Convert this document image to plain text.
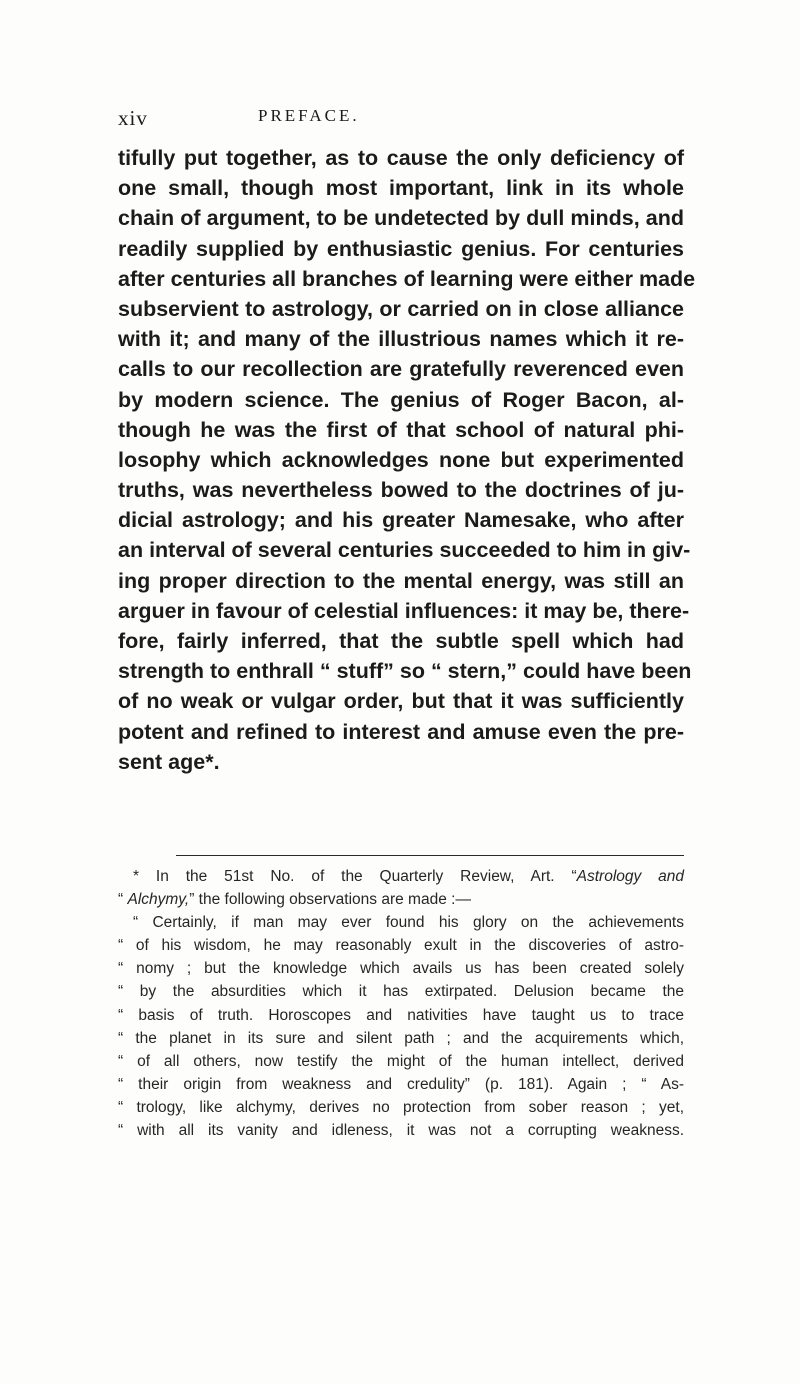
xiv	PREFACE.
tifully put together, as to cause the only deficiency of
one small, though most important, link in its whole
chain of argument, to be undetected by dull minds, and
readily supplied by enthusiastic genius. For centuries
after centuries all branches of learning were either made
subservient to astrology, or carried on in close alliance
with it; and many of the illustrious names which it re-
calls to our recollection are gratefully reverenced even
by modern science. The genius of Roger Bacon, al-
though he was the first of that school of natural phi-
losophy which acknowledges none but experimented
truths, was nevertheless bowed to the doctrines of ju-
dicial astrology; and his greater Namesake, who after
an interval of several centuries succeeded to him in giv-
ing proper direction to the mental energy, was still an
arguer in favour of celestial influences: it may be, there-
fore, fairly inferred, that the subtle spell which had
strength to enthrall “ stuff” so “ stern,” could have been
of no weak or vulgar order, but that it was sufficiently
potent and refined to interest and amuse even the pre-
sent age*.
* In the 51st No. of the Quarterly Review, Art. “Astrology and
“ Alchymy,” the following observations are made :—
“ Certainly, if man may ever found his glory on the achievements
“ of his wisdom, he may reasonably exult in the discoveries of astro-
“ nomy ; but the knowledge which avails us has been created solely
“ by the absurdities which it has extirpated. Delusion became the
“ basis of truth. Horoscopes and nativities have taught us to trace
“ the planet in its sure and silent path ; and the acquirements which,
“ of all others, now testify the might of the human intellect, derived
“ their origin from weakness and credulity” (p. 181). Again ; “ As-
“ trology, like alchymy, derives no protection from sober reason ; yet,
“ with all its vanity and idleness, it was not a corrupting weakness.
